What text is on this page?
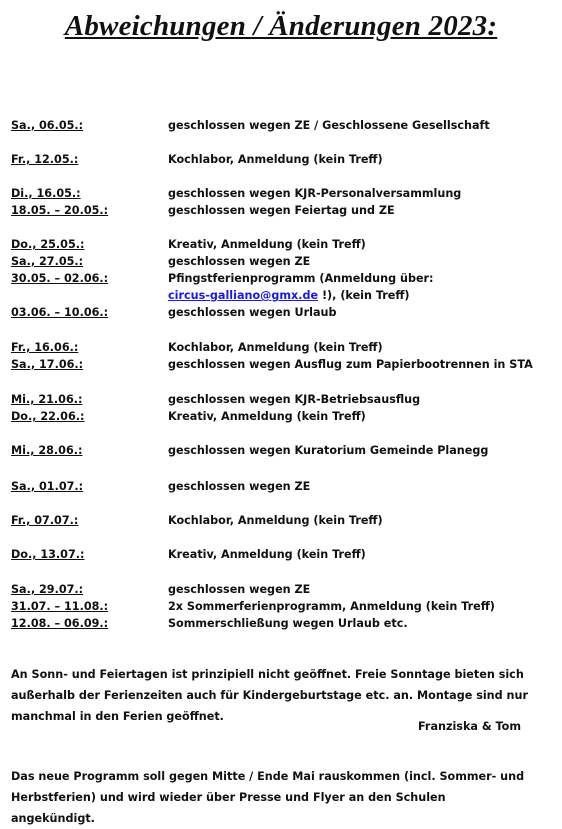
Abweichungen / Änderungen 2023:
Sa., 06.05.:	geschlossen wegen ZE / Geschlossene Gesellschaft
Fr., 12.05.:	Kochlabor, Anmeldung (kein Treff)
Di., 16.05.:	geschlossen wegen KJR-Personalversammlung
18.05. – 20.05.:	geschlossen wegen Feiertag und ZE
Do., 25.05.:	Kreativ, Anmeldung (kein Treff)
Sa., 27.05.:	geschlossen wegen ZE
30.05. – 02.06.:	Pfingstferienprogramm (Anmeldung über:
circus-galliano@gmx.de !), (kein Treff)
03.06. – 10.06.:	geschlossen wegen Urlaub
Fr., 16.06.:	Kochlabor, Anmeldung (kein Treff)
Sa., 17.06.:	geschlossen wegen Ausflug zum Papierbootrennen in STA
Mi., 21.06.:	geschlossen wegen KJR-Betriebsausflug
Do., 22.06.:	Kreativ, Anmeldung (kein Treff)
Mi., 28.06.:	geschlossen wegen Kuratorium Gemeinde Planegg
Sa., 01.07.:	geschlossen wegen ZE
Fr., 07.07.:	Kochlabor, Anmeldung (kein Treff)
Do., 13.07.:	Kreativ, Anmeldung (kein Treff)
Sa., 29.07.:	geschlossen wegen ZE
31.07. – 11.08.:	2x Sommerferienprogramm, Anmeldung (kein Treff)
12.08. – 06.09.:	Sommerschließung wegen Urlaub etc.
An Sonn- und Feiertagen ist prinzipiell nicht geöffnet. Freie Sonntage bieten sich außerhalb der Ferienzeiten auch für Kindergeburtstage etc. an. Montage sind nur manchmal in den Ferien geöffnet.
Franziska & Tom
Das neue Programm soll gegen Mitte / Ende Mai rauskommen (incl. Sommer- und Herbstferien) und wird wieder über Presse und Flyer an den Schulen angekündigt.
